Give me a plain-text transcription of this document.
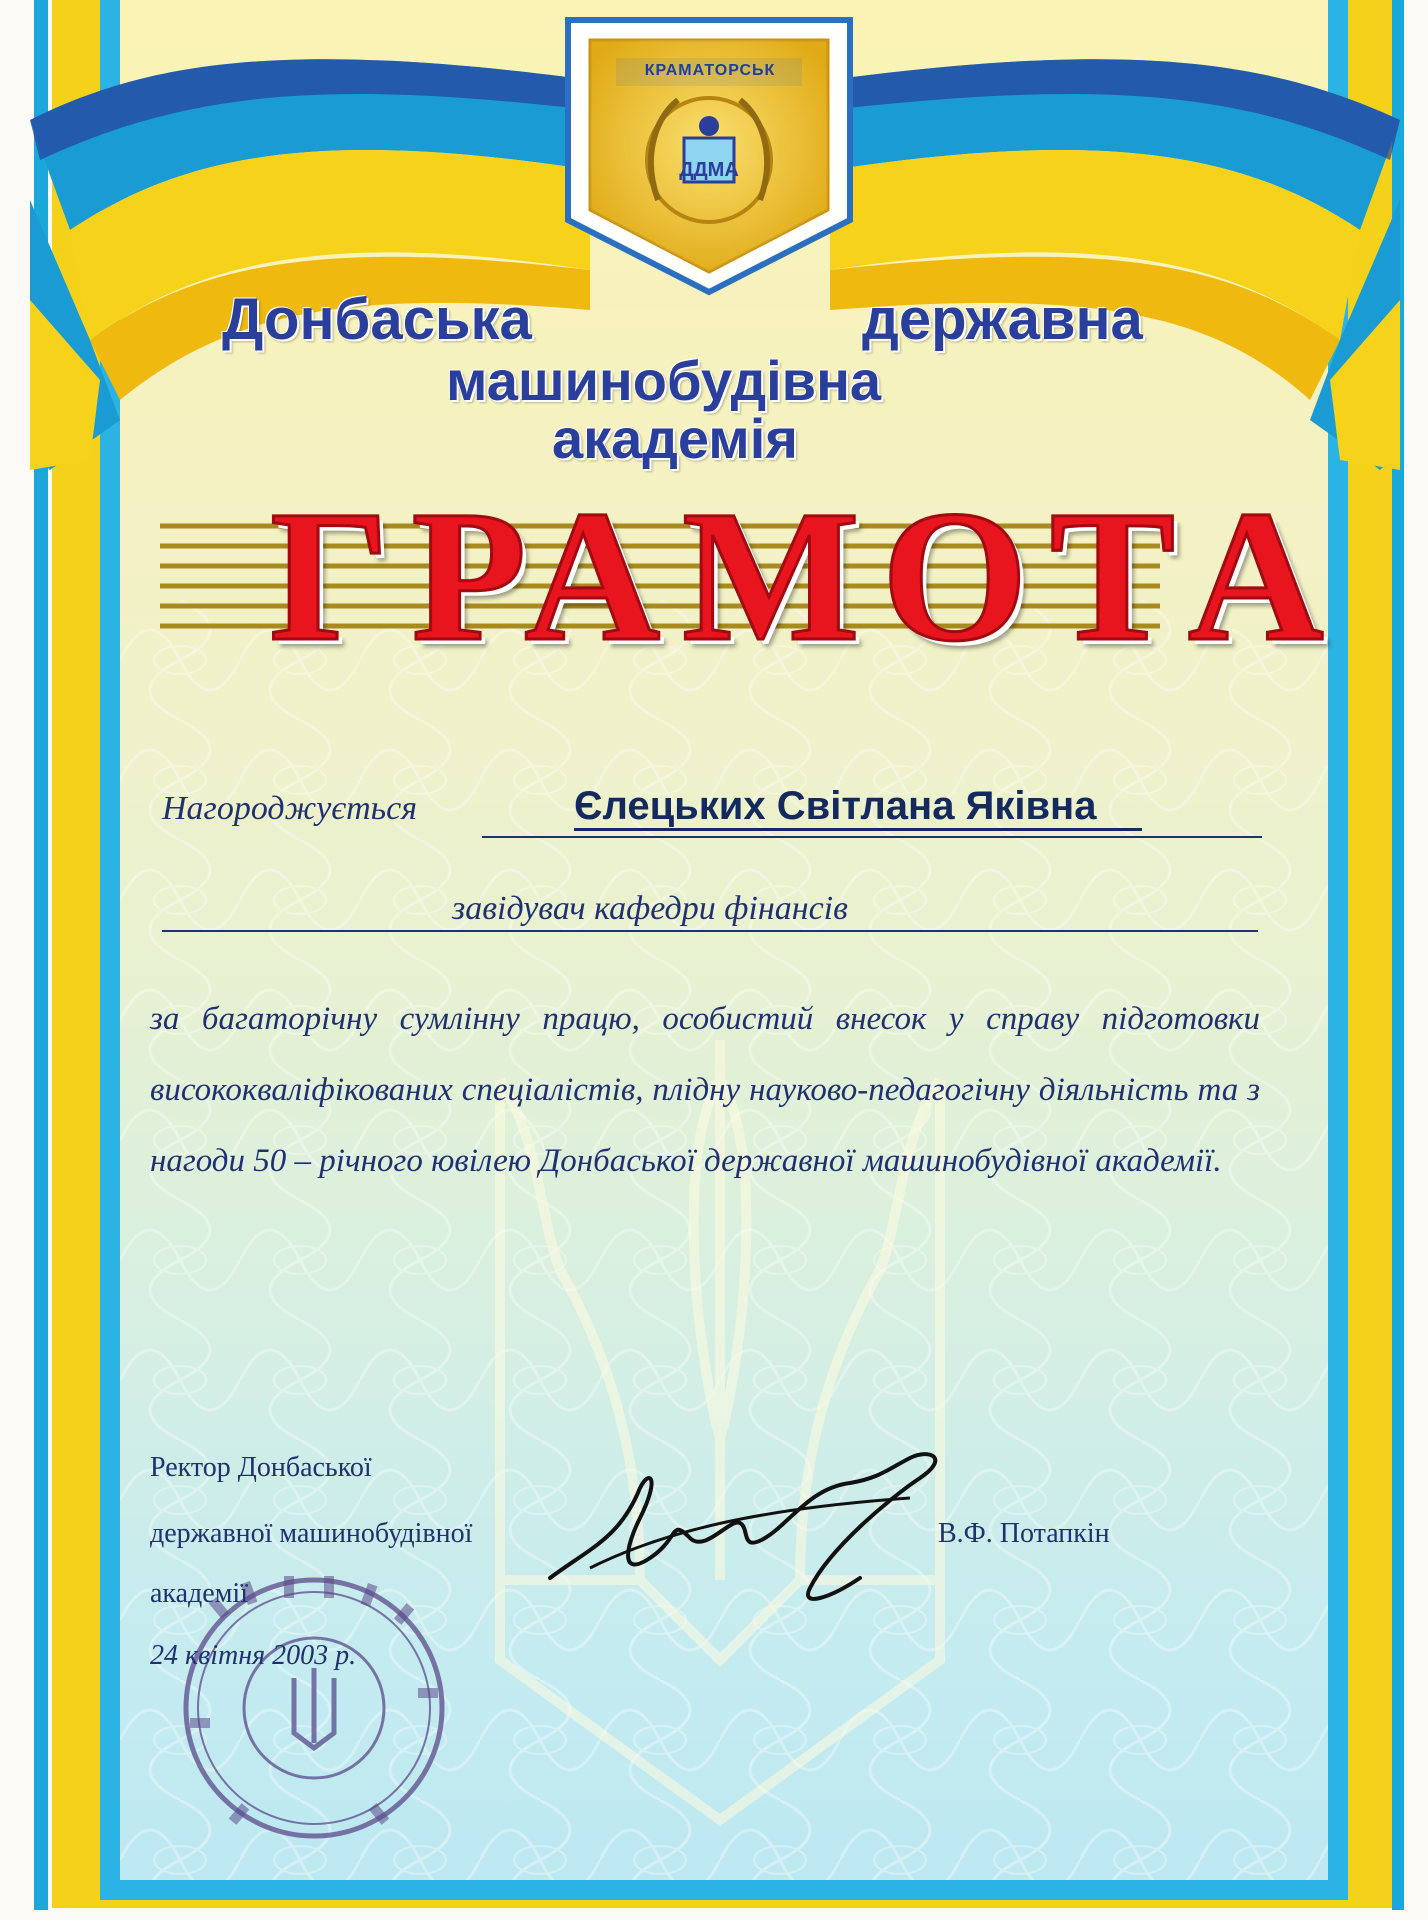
ДДМА
КРАМАТОРСЬК
Донбаська	державна
машинобудівна
академія
ГРАМОТА
Нагороджується	Єлецьких Світлана Яківна
завідувач кафедри фінансів
за багаторічну сумлінну працю, особистий внесок у справу підготовки висококваліфікованих спеціалістів, плідну науково-педагогічну діяльність та з нагоди 50 – річного ювілею Донбаської державної машинобудівної академії.
Ректор Донбаської
державної машинобудівної
академії
24 квітня 2003 р.
В.Ф. Потапкін
